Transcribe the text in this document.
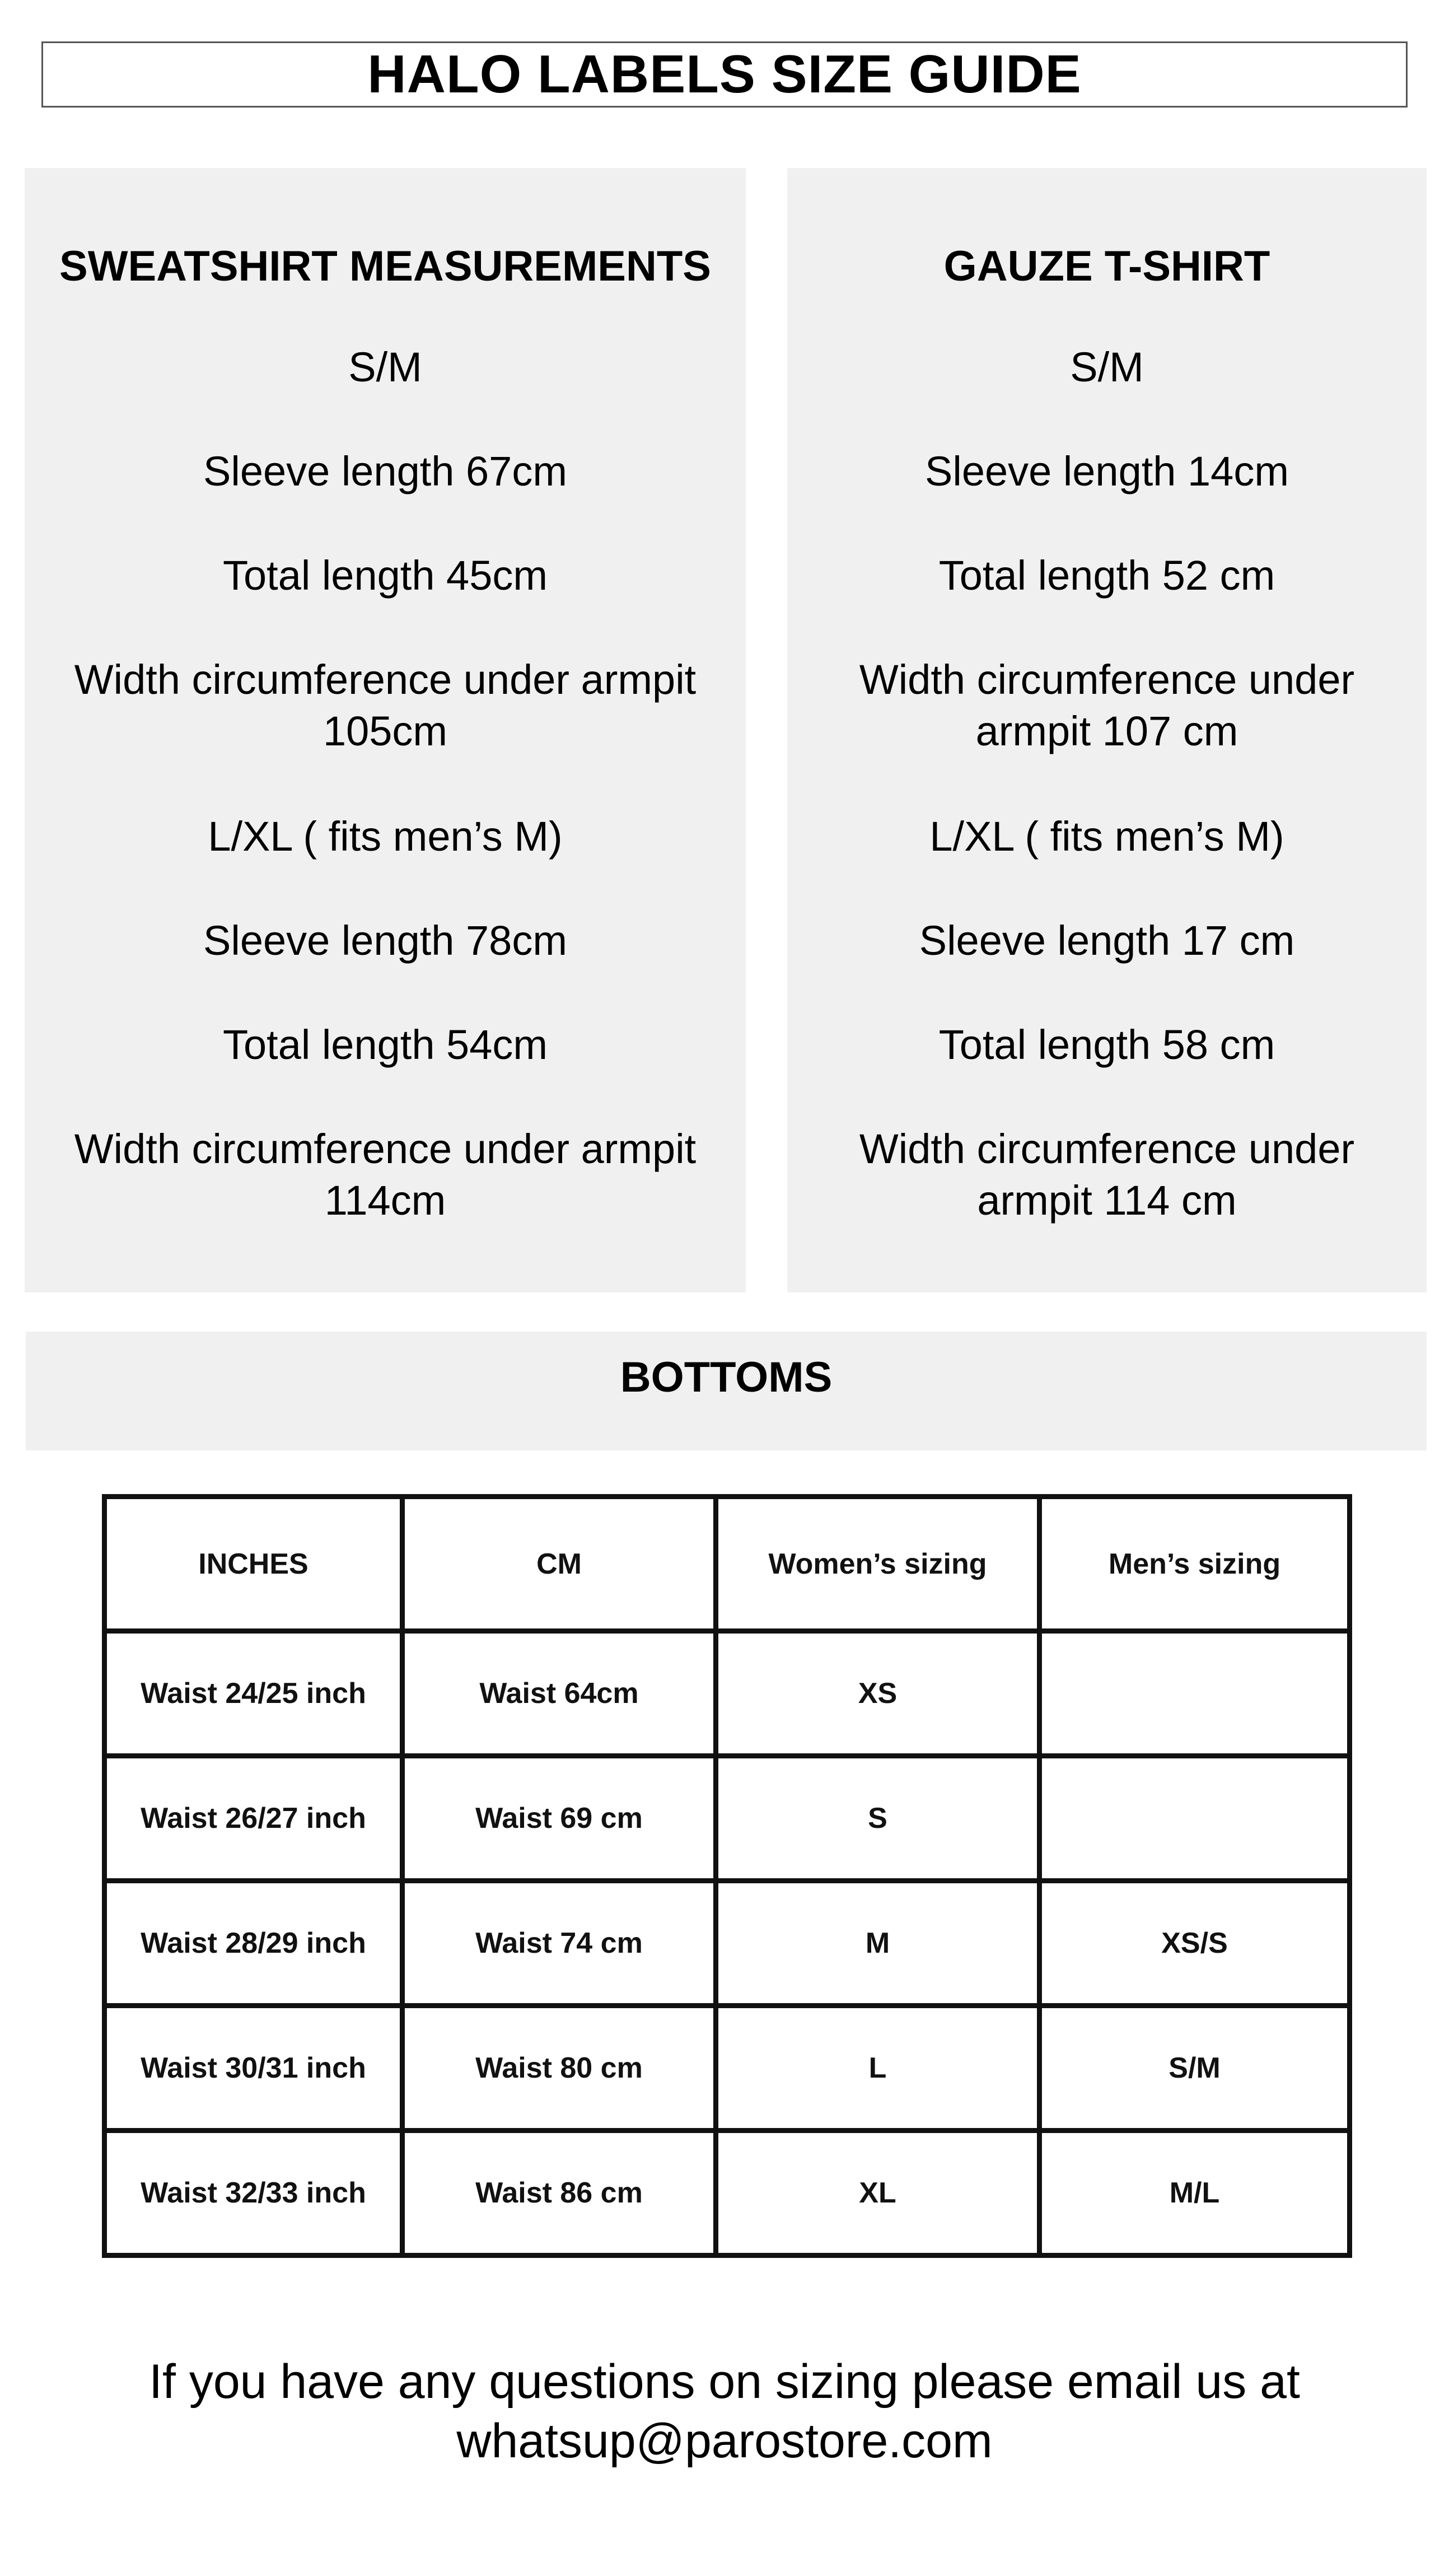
HALO LABELS SIZE GUIDE
SWEATSHIRT MEASUREMENTS
S/M
Sleeve length 67cm
Total length 45cm
Width circumference under armpit
105cm
L/XL ( fits men’s M)
Sleeve length 78cm
Total length 54cm
Width circumference under armpit
114cm
GAUZE T-SHIRT
S/M
Sleeve length 14cm
Total length 52 cm
Width circumference under
armpit 107 cm
L/XL ( fits men’s M)
Sleeve length 17 cm
Total length 58 cm
Width circumference under
armpit 114 cm
BOTTOMS
INCHES	CM	Women’s sizing	Men’s sizing
Waist 24/25 inch	Waist 64cm	XS	
Waist 26/27 inch	Waist 69 cm	S	
Waist 28/29 inch	Waist 74 cm	M	XS/S
Waist 30/31 inch	Waist 80 cm	L	S/M
Waist 32/33 inch	Waist 86 cm	XL	M/L
If you have any questions on sizing please email us at
whatsup@parostore.com
